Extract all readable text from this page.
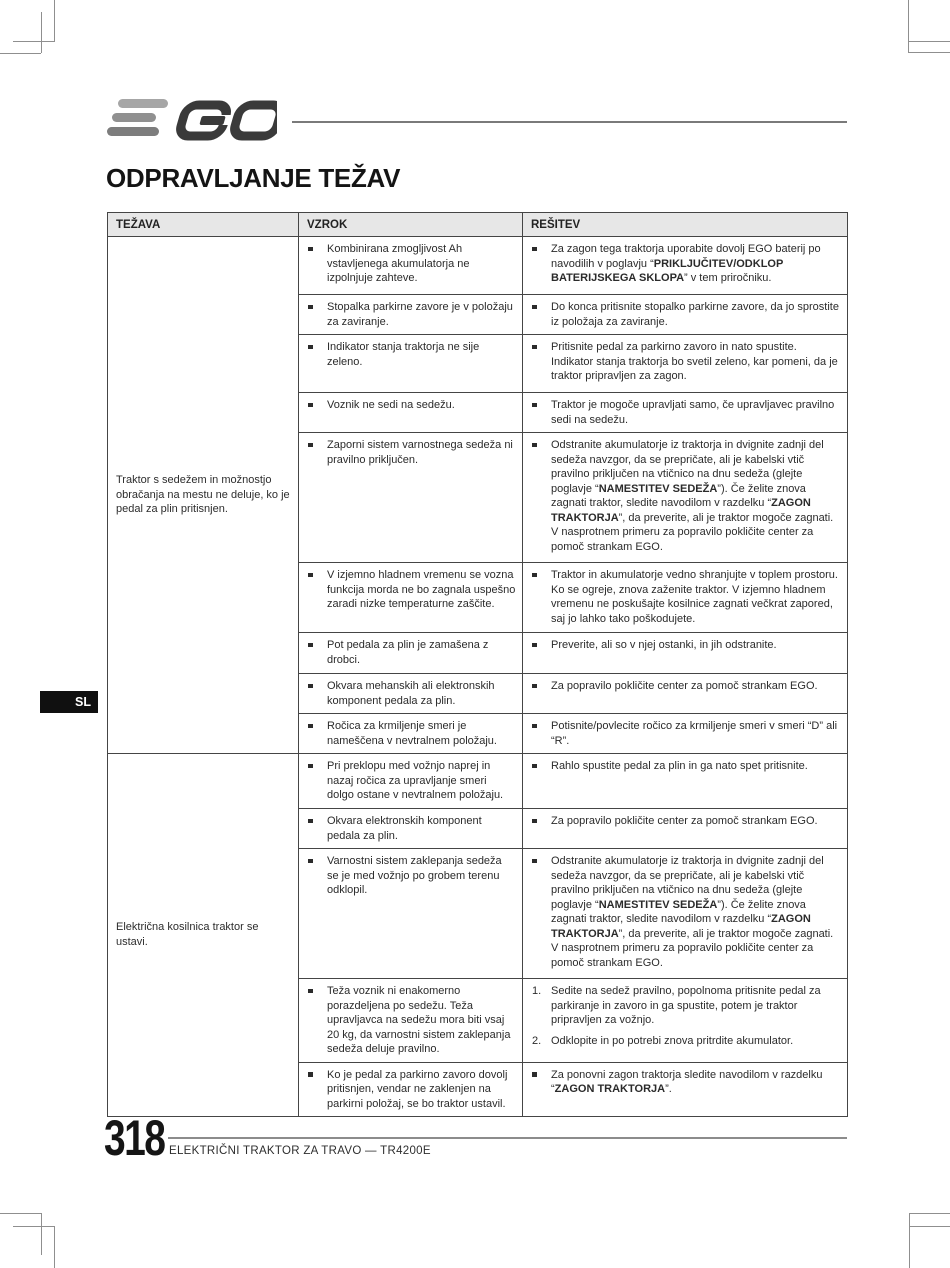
ODPRAVLJANJE TEŽAV
TEŽAVA	VZROK	REŠITEV
Traktor s sedežem in možnostjo obračanja na mestu ne deluje, ko je pedal za plin pritisnjen.	Kombinirana zmogljivost Ah vstavljenega akumulatorja ne izpolnjuje zahteve.	Za zagon tega traktorja uporabite dovolj EGO baterij po navodilih v poglavju “PRIKLJUČITEV/ODKLOP BATERIJSKEGA SKLOPA” v tem priročniku.

	Stopalka parkirne zavore je v položaju za zaviranje.	Do konca pritisnite stopalko parkirne zavore, da jo sprostite iz položaja za zaviranje.

	Indikator stanja traktorja ne sije zeleno.	Pritisnite pedal za parkirno zavoro in nato spustite. Indikator stanja traktorja bo svetil zeleno, kar pomeni, da je traktor pripravljen za zagon.

	Voznik ne sedi na sedežu.	Traktor je mogoče upravljati samo, če upravljavec pravilno sedi na sedežu.

	Zaporni sistem varnostnega sedeža ni pravilno priključen.	Odstranite akumulatorje iz traktorja in dvignite zadnji del sedeža navzgor, da se prepričate, ali je kabelski vtič pravilno priključen na vtičnico na dnu sedeža (glejte poglavje “NAMESTITEV SEDEŽA”). Če želite znova zagnati traktor, sledite navodilom v razdelku “ZAGON TRAKTORJA”, da preverite, ali je traktor mogoče zagnati. V nasprotnem primeru za popravilo pokličite center za pomoč strankam EGO.

	V izjemno hladnem vremenu se vozna funkcija morda ne bo zagnala uspešno zaradi nizke temperaturne zaščite.	Traktor in akumulatorje vedno shranjujte v toplem prostoru. Ko se ogreje, znova zaženite traktor. V izjemno hladnem vremenu ne poskušajte kosilnice zagnati večkrat zapored, saj jo lahko tako poškodujete.

	Pot pedala za plin je zamašena z drobci.	Preverite, ali so v njej ostanki, in jih odstranite.

	Okvara mehanskih ali elektronskih komponent pedala za plin.	Za popravilo pokličite center za pomoč strankam EGO.

	Ročica za krmiljenje smeri je nameščena v nevtralnem položaju.	Potisnite/povlecite ročico za krmiljenje smeri v smeri “D” ali “R”.

Električna kosilnica traktor se ustavi.	Pri preklopu med vožnjo naprej in nazaj ročica za upravljanje smeri dolgo ostane v nevtralnem položaju.	Rahlo spustite pedal za plin in ga nato spet pritisnite.

	Okvara elektronskih komponent pedala za plin.	Za popravilo pokličite center za pomoč strankam EGO.

	Varnostni sistem zaklepanja sedeža se je med vožnjo po grobem terenu odklopil.	Odstranite akumulatorje iz traktorja in dvignite zadnji del sedeža navzgor, da se prepričate, ali je kabelski vtič pravilno priključen na vtičnico na dnu sedeža (glejte poglavje “NAMESTITEV SEDEŽA”). Če želite znova zagnati traktor, sledite navodilom v razdelku “ZAGON TRAKTORJA”, da preverite, ali je traktor mogoče zagnati. V nasprotnem primeru za popravilo pokličite center za pomoč strankam EGO.

	Teža voznik ni enakomerno porazdeljena po sedežu. Teža upravljavca na sedežu mora biti vsaj 20 kg, da varnostni sistem zaklepanja sedeža deluje pravilno.	1. Sedite na sedež pravilno, popolnoma pritisnite pedal za parkiranje in zavoro in ga spustite, potem je traktor pripravljen za vožnjo.
2. Odklopite in po potrebi znova pritrdite akumulator.

	Ko je pedal za parkirno zavoro dovolj pritisnjen, vendar ne zaklenjen na parkirni položaj, se bo traktor ustavil.	Za ponovni zagon traktorja sledite navodilom v razdelku “ZAGON TRAKTORJA”.
SL
318 ELEKTRIČNI TRAKTOR ZA TRAVO — TR4200E
